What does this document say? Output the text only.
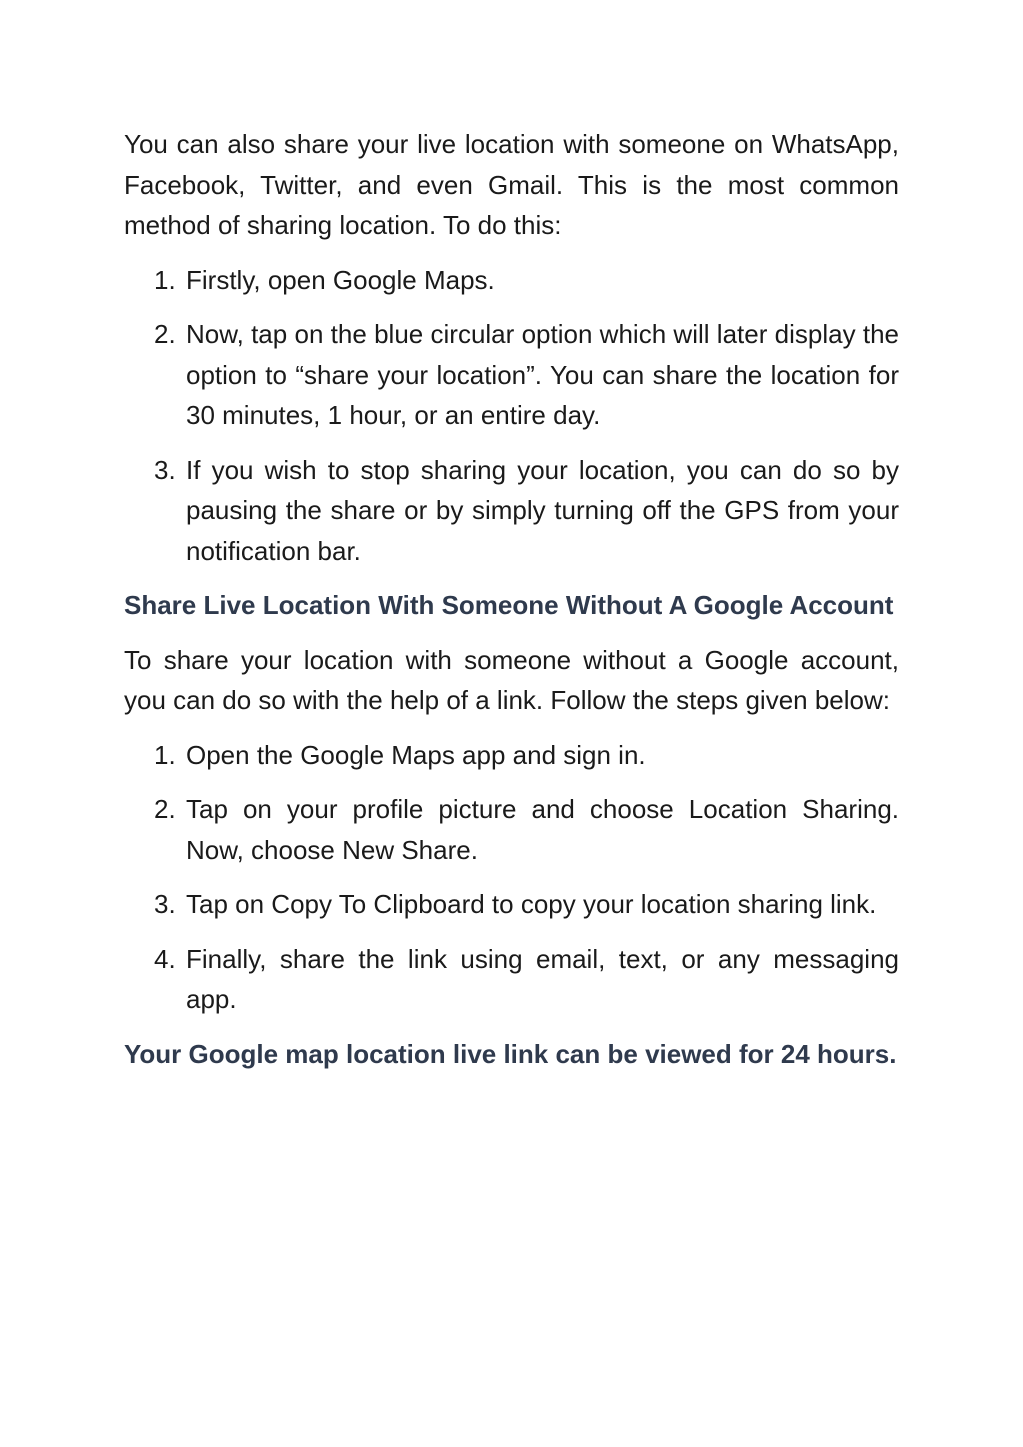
You can also share your live location with someone on WhatsApp, Facebook, Twitter, and even Gmail. This is the most common method of sharing location. To do this:

1. Firstly, open Google Maps.
2. Now, tap on the blue circular option which will later display the option to “share your location”. You can share the location for 30 minutes, 1 hour, or an entire day.
3. If you wish to stop sharing your location, you can do so by pausing the share or by simply turning off the GPS from your notification bar.
Share Live Location With Someone Without A Google Account

To share your location with someone without a Google account, you can do so with the help of a link. Follow the steps given below:

1. Open the Google Maps app and sign in.
2. Tap on your profile picture and choose Location Sharing. Now, choose New Share.
3. Tap on Copy To Clipboard to copy your location sharing link.
4. Finally, share the link using email, text, or any messaging app.

Your Google map location live link can be viewed for 24 hours.
